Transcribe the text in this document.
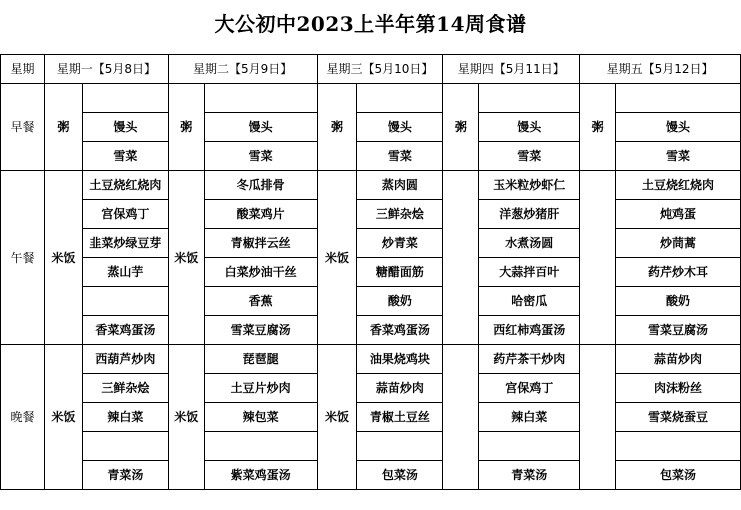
大公初中2023上半年第14周食谱
星期	星期一【5月8日】		星期二【5月9日】		星期三【5月10日】		星期四【5月11日】		星期五【5月12日】	
早餐	粥		粥		粥		粥		粥	
		馒头		馒头		馒头		馒头		馒头
		雪菜		雪菜		雪菜		雪菜		雪菜
午餐	米饭	土豆烧红烧肉	米饭	冬瓜排骨	米饭	蒸肉圆		玉米粒炒虾仁		土豆烧红烧肉
		宫保鸡丁		酸菜鸡片		三鲜杂烩		洋葱炒猪肝		炖鸡蛋
		韭菜炒绿豆芽		青椒拌云丝		炒青菜		水煮汤圆		炒茼蒿
		蒸山芋		白菜炒油干丝		糖醋面筋		大蒜拌百叶		药芹炒木耳
				香蕉		酸奶		哈密瓜		酸奶
		香菜鸡蛋汤		雪菜豆腐汤		香菜鸡蛋汤		西红柿鸡蛋汤		雪菜豆腐汤
晚餐	米饭	西葫芦炒肉	米饭	琵琶腿	米饭	油果烧鸡块		药芹茶干炒肉		蒜苗炒肉
		三鲜杂烩		土豆片炒肉		蒜苗炒肉		宫保鸡丁		肉沫粉丝
		辣白菜		辣包菜		青椒土豆丝		辣白菜		雪菜烧蚕豆

		青菜汤		紫菜鸡蛋汤		包菜汤		青菜汤		包菜汤
